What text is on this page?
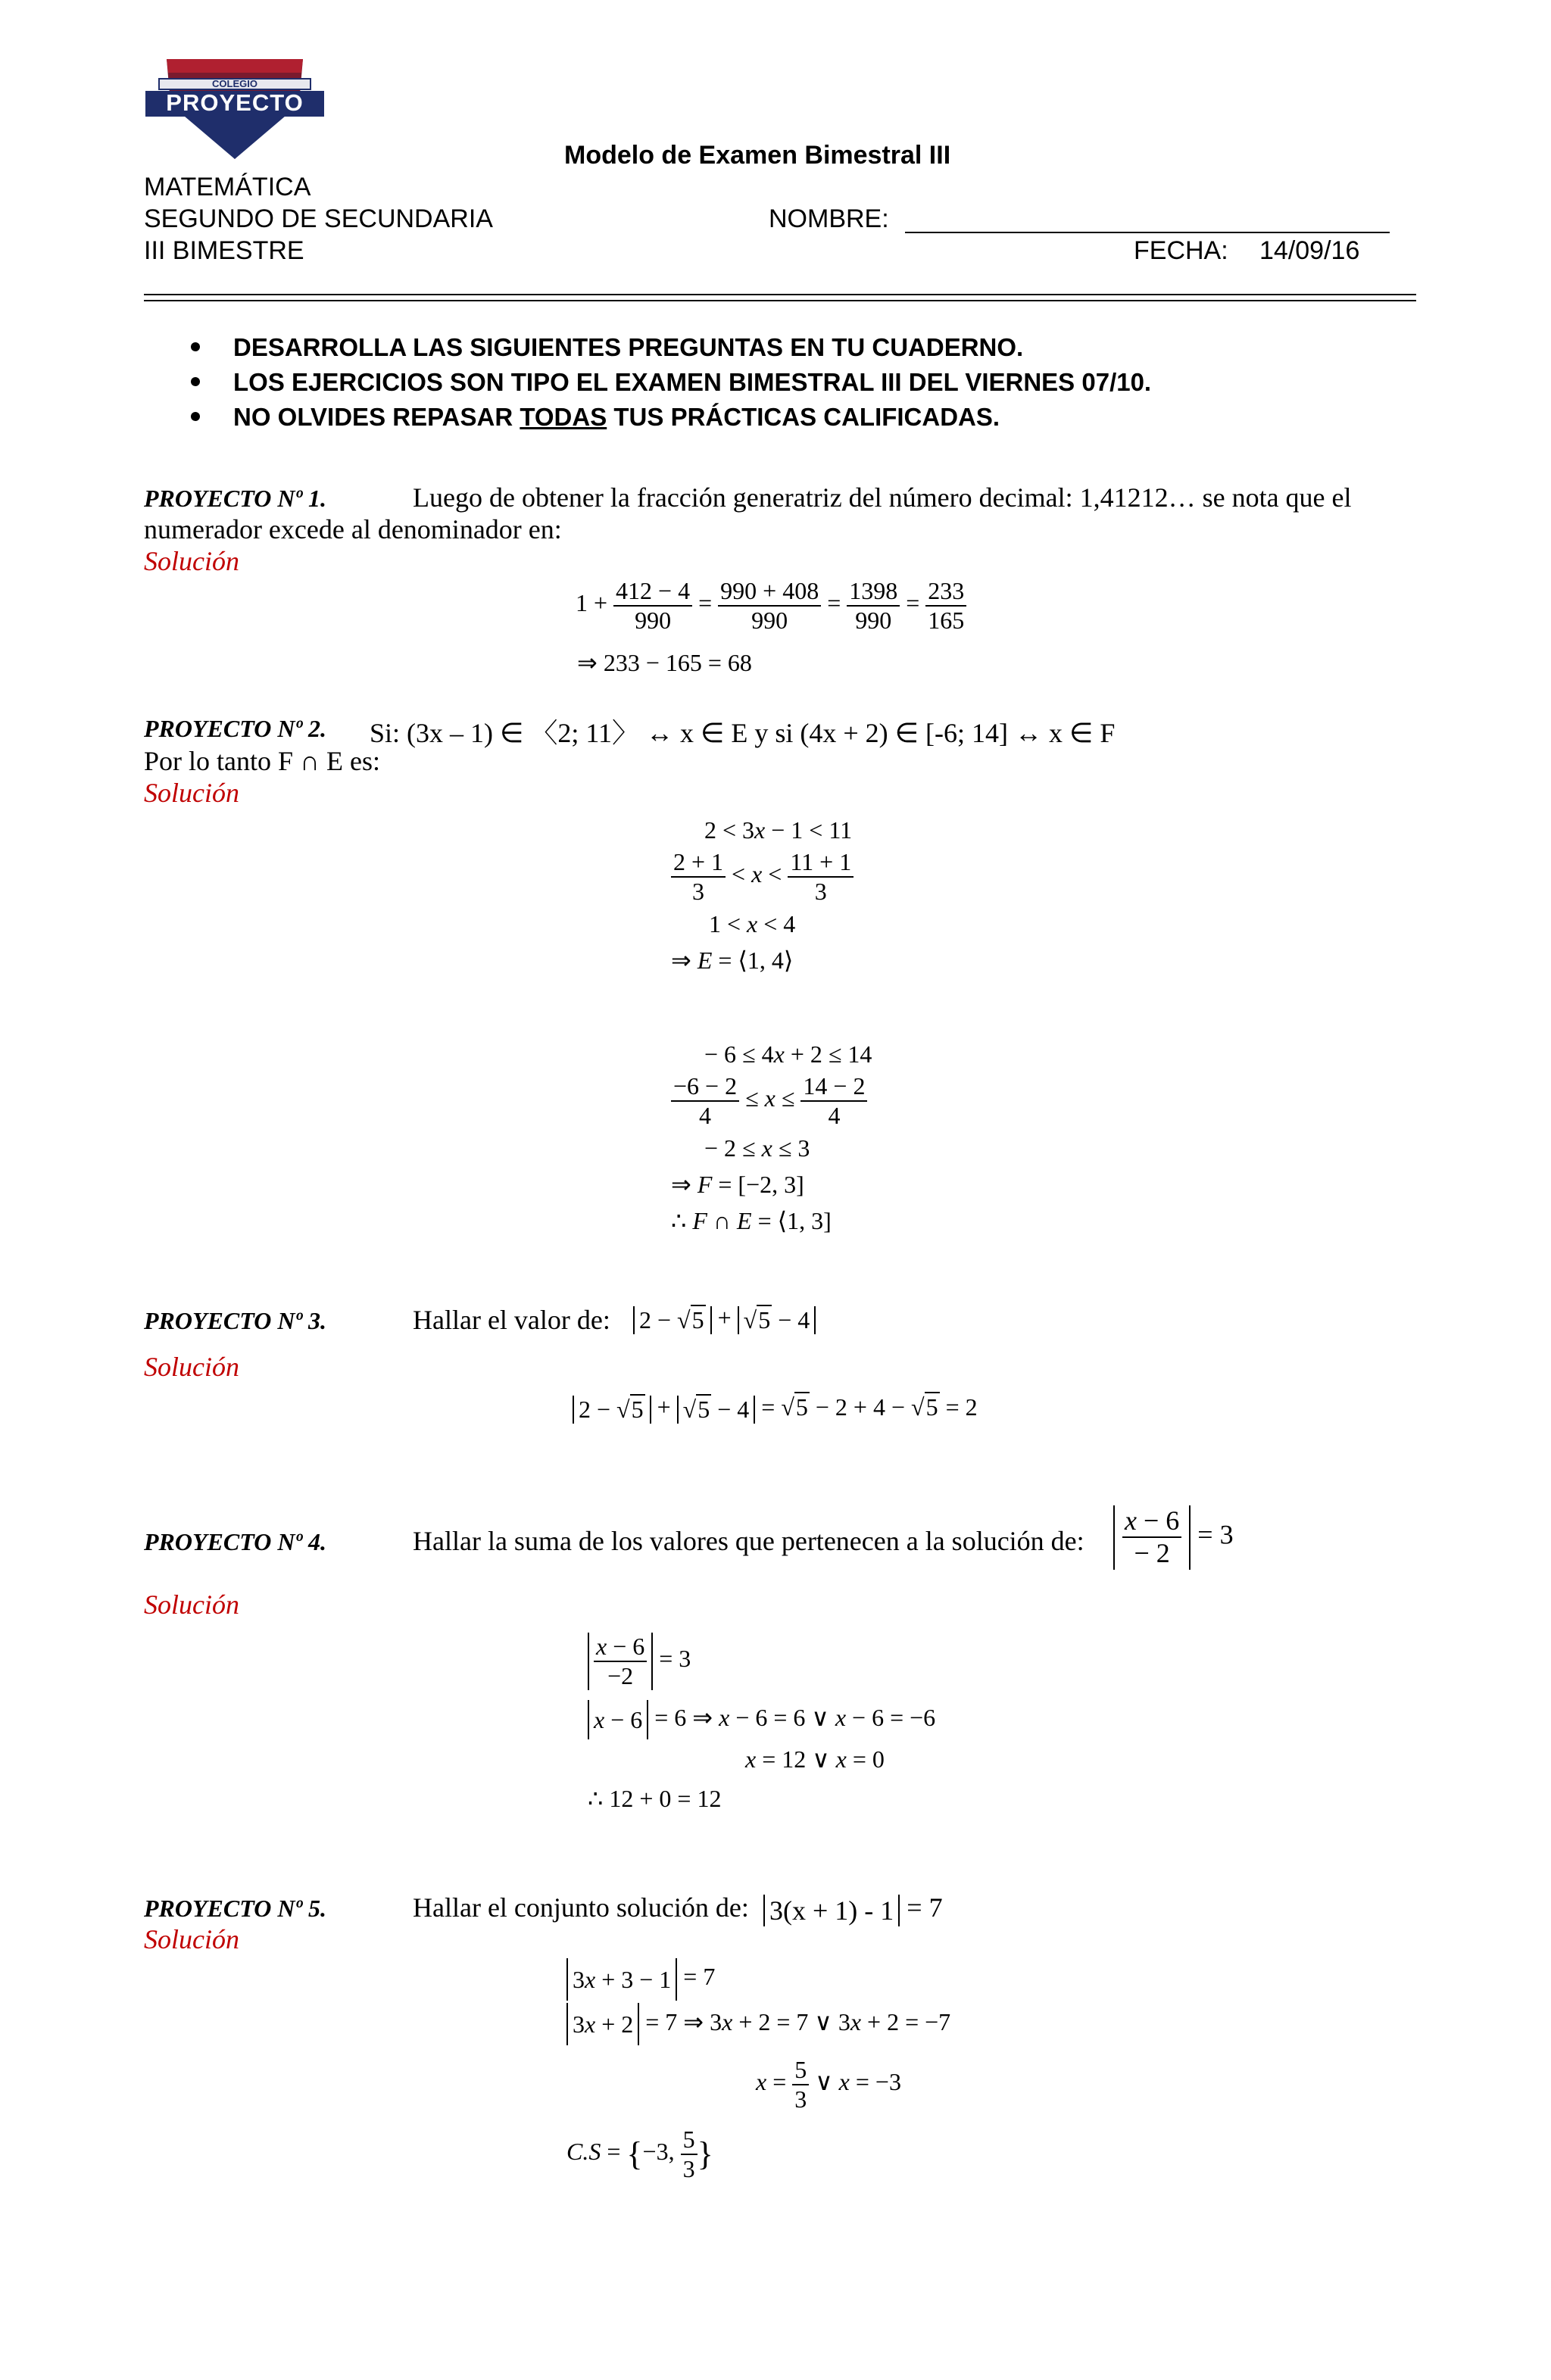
COLEGIO
PROYECTO
Modelo de Examen Bimestral III
MATEMÁTICA
SEGUNDO DE SECUNDARIA
III BIMESTRE
NOMBRE:
FECHA: 14/09/16
DESARROLLA LAS SIGUIENTES PREGUNTAS EN TU CUADERNO.
LOS EJERCICIOS SON TIPO EL EXAMEN BIMESTRAL III DEL VIERNES 07/10.
NO OLVIDES REPASAR TODAS TUS PRÁCTICAS CALIFICADAS.
PROYECTO Nº 1.	Luego de obtener la fracción generatriz del número decimal: 1,41212… se nota que el
numerador excede al denominador en:
Solución
$1 + \frac{412 - 4}{990} = \frac{990 + 408}{990} = \frac{1398}{990} = \frac{233}{165}$
⇒ 233 − 165 = 68
PROYECTO Nº 2. Si: (3x – 1) ∈ 〈2; 11〉 ↔ x ∈ E y si (4x + 2) ∈ [-6; 14] ↔ x ∈ F
Por lo tanto F ∩ E es:
Solución
2 < 3x − 1 < 11
$\frac{2 + 1}{3} < x < \frac{11 + 1}{3}$
1 < x < 4
⇒ E = ⟨1, 4⟩
− 6 ≤ 4x + 2 ≤ 14
$\frac{-6 - 2}{4} \le x \le \frac{14 - 2}{4}$
− 2 ≤ x ≤ 3
⇒ F = [−2, 3]
∴ F ∩ E = ⟨1, 3]
PROYECTO Nº 3.	Hallar el valor de: 2 − √5 + √5 − 4
Solución
2 − √5 + √5 − 4 = √5 − 2 + 4 − √5 = 2
PROYECTO Nº 4.	Hallar la suma de los valores que pertenecen a la solución de: $\frac{x - 6}{- 2} = 3$
Solución
$\frac{x - 6}{-2} = 3$
x − 6 = 6 ⇒ x − 6 = 6 ∨ x − 6 = −6
x = 12 ∨ x = 0
∴ 12 + 0 = 12
PROYECTO Nº 5.	Hallar el conjunto solución de: 3(x + 1) - 1 = 7
Solución
3x + 3 − 1 = 7
3x + 2 = 7 ⇒ 3x + 2 = 7 ∨ 3x + 2 = −7
$x = \frac{5}{3}$ ∨ x = −3
C.S = {−3, $\frac{5}{3}$ }
